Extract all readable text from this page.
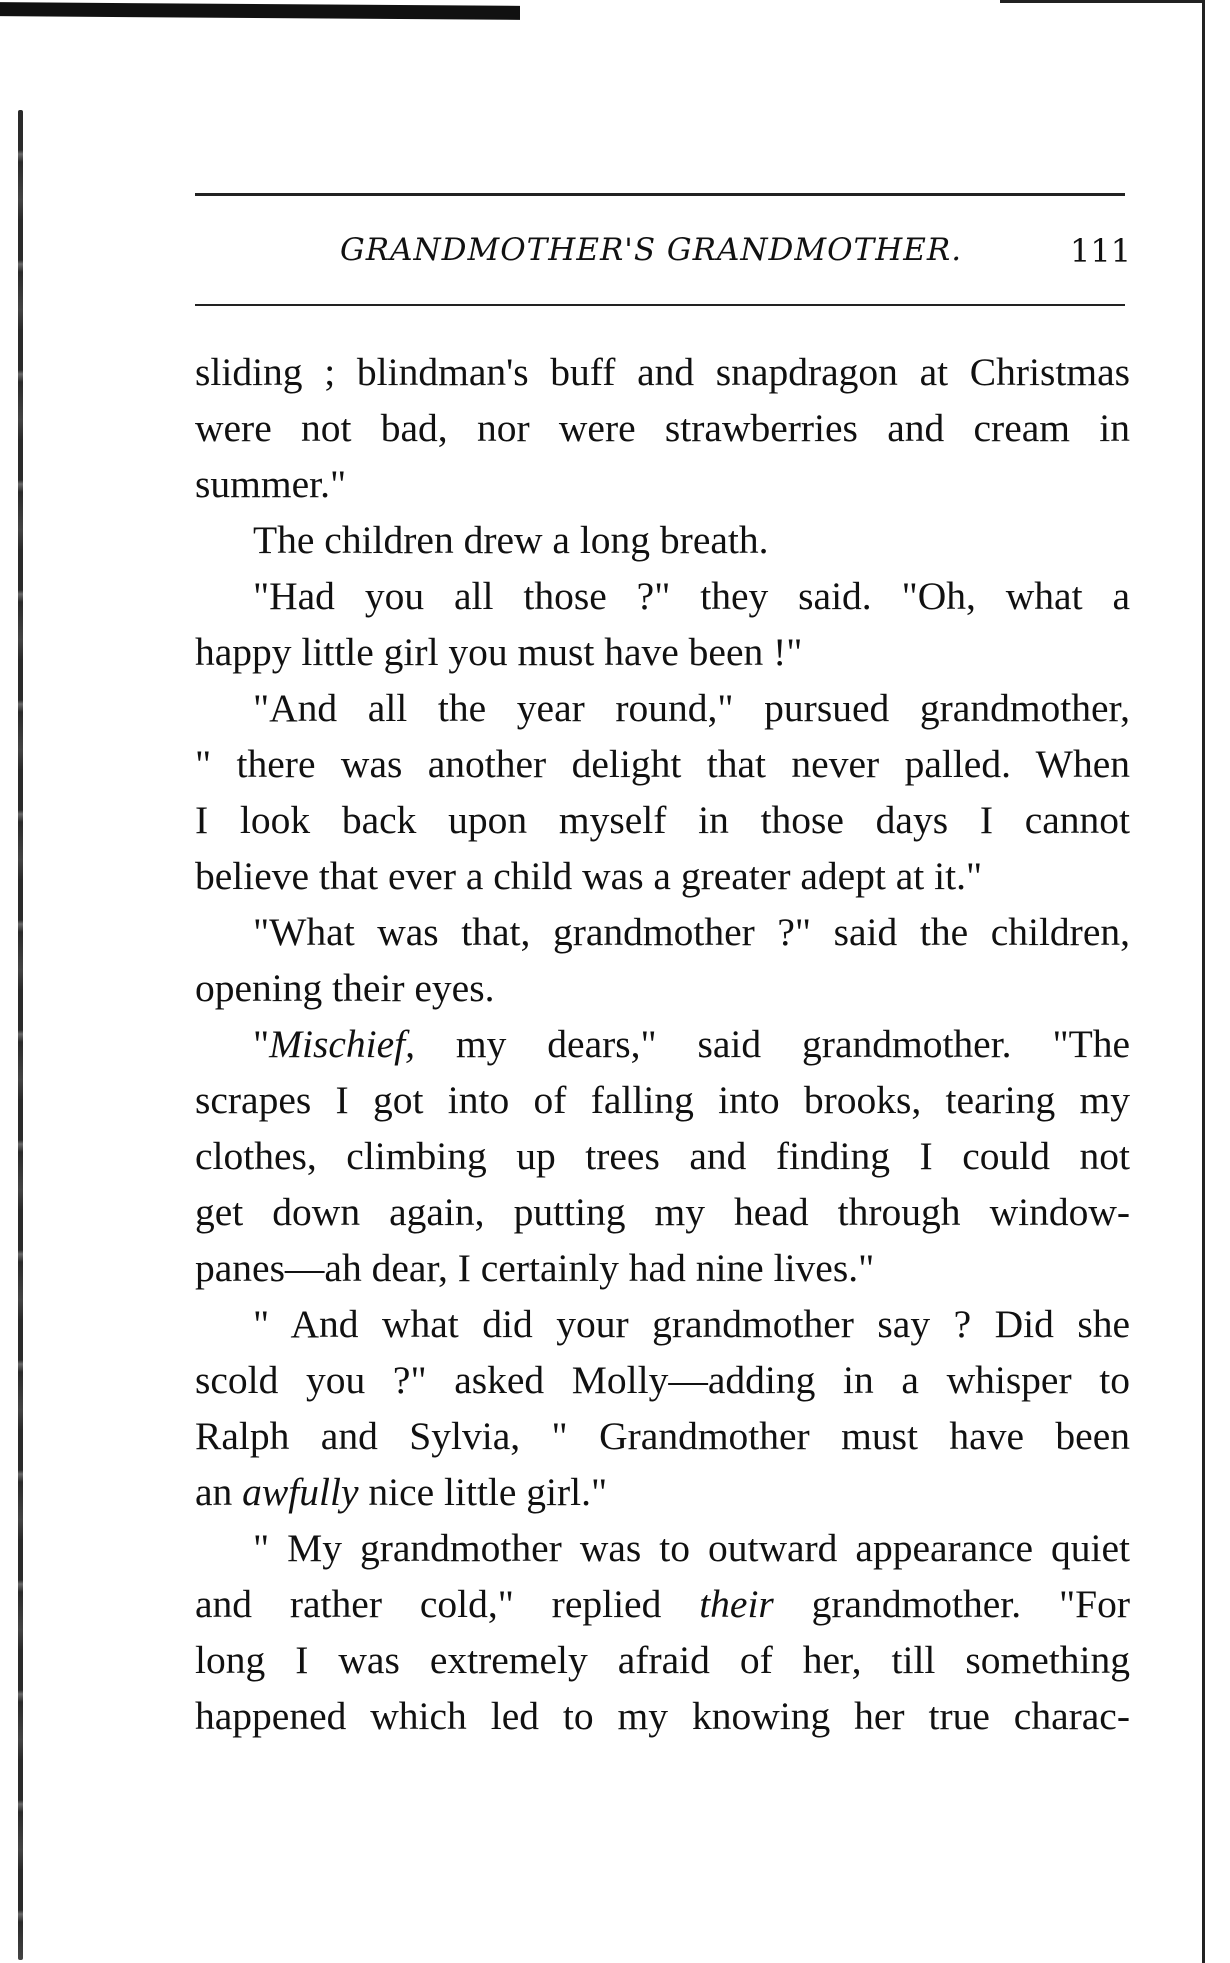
GRANDMOTHER'S GRANDMOTHER.	111

sliding ; blindman's buff and snapdragon at Christmas

were not bad, nor were strawberries and cream in

summer."

The children drew a long breath.

"Had you all those ?" they said. "Oh, what a

happy little girl you must have been !"

"And all the year round," pursued grandmother,

" there was another delight that never palled. When

I look back upon myself in those days I cannot

believe that ever a child was a greater adept at it."

"What was that, grandmother ?" said the children,

opening their eyes.

"Mischief, my dears," said grandmother. "The

scrapes I got into of falling into brooks, tearing my

clothes, climbing up trees and finding I could not

get down again, putting my head through window-

panes—ah dear, I certainly had nine lives."

" And what did your grandmother say ? Did she

scold you ?" asked Molly—adding in a whisper to

Ralph and Sylvia, " Grandmother must have been

an awfully nice little girl."

" My grandmother was to outward appearance quiet

and rather cold," replied their grandmother. "For

long I was extremely afraid of her, till something

happened which led to my knowing her true charac-
